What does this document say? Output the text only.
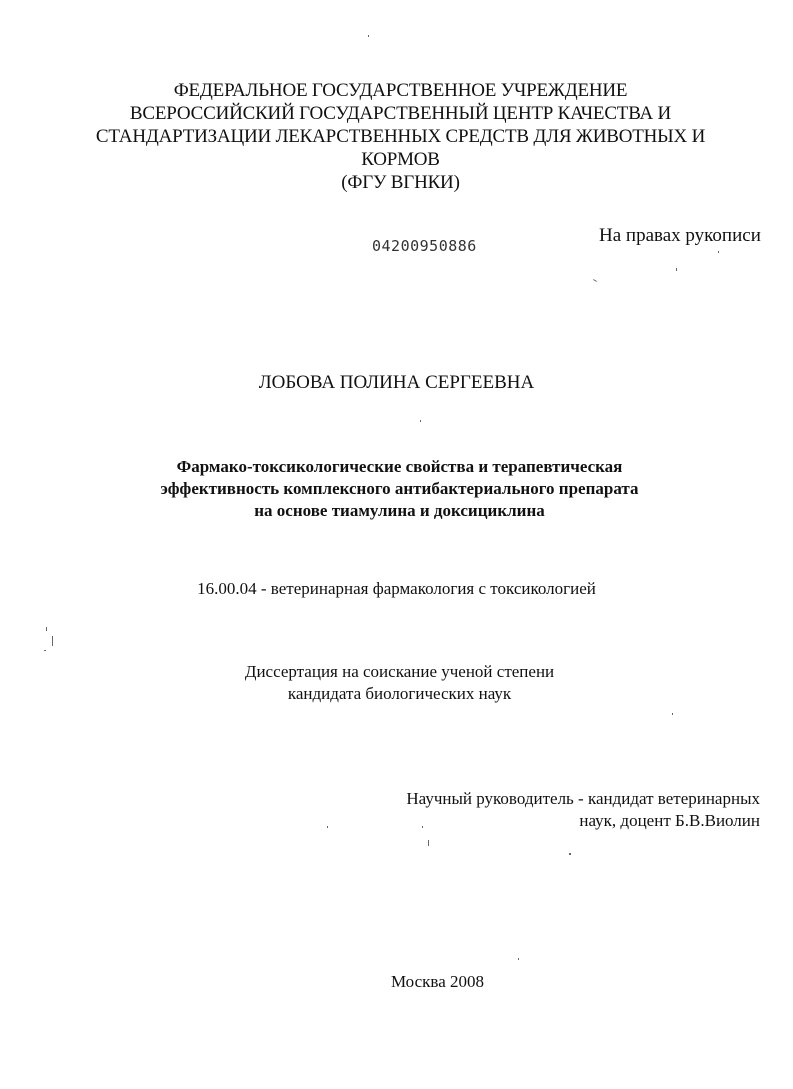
ФЕДЕРАЛЬНОЕ ГОСУДАРСТВЕННОЕ УЧРЕЖДЕНИЕ
ВСЕРОССИЙСКИЙ ГОСУДАРСТВЕННЫЙ ЦЕНТР КАЧЕСТВА И
СТАНДАРТИЗАЦИИ ЛЕКАРСТВЕННЫХ СРЕДСТВ ДЛЯ ЖИВОТНЫХ И
КОРМОВ
(ФГУ ВГНКИ)
04200950886	На правах рукописи
ЛОБОВА ПОЛИНА СЕРГЕЕВНА
Фармако-токсикологические свойства и терапевтическая
эффективность комплексного антибактериального препарата
на основе тиамулина и доксициклина
16.00.04 - ветеринарная фармакология с токсикологией
Диссертация на соискание ученой степени
кандидата биологических наук
Научный руководитель - кандидат ветеринарных
наук, доцент Б.В.Виолин
Москва 2008
